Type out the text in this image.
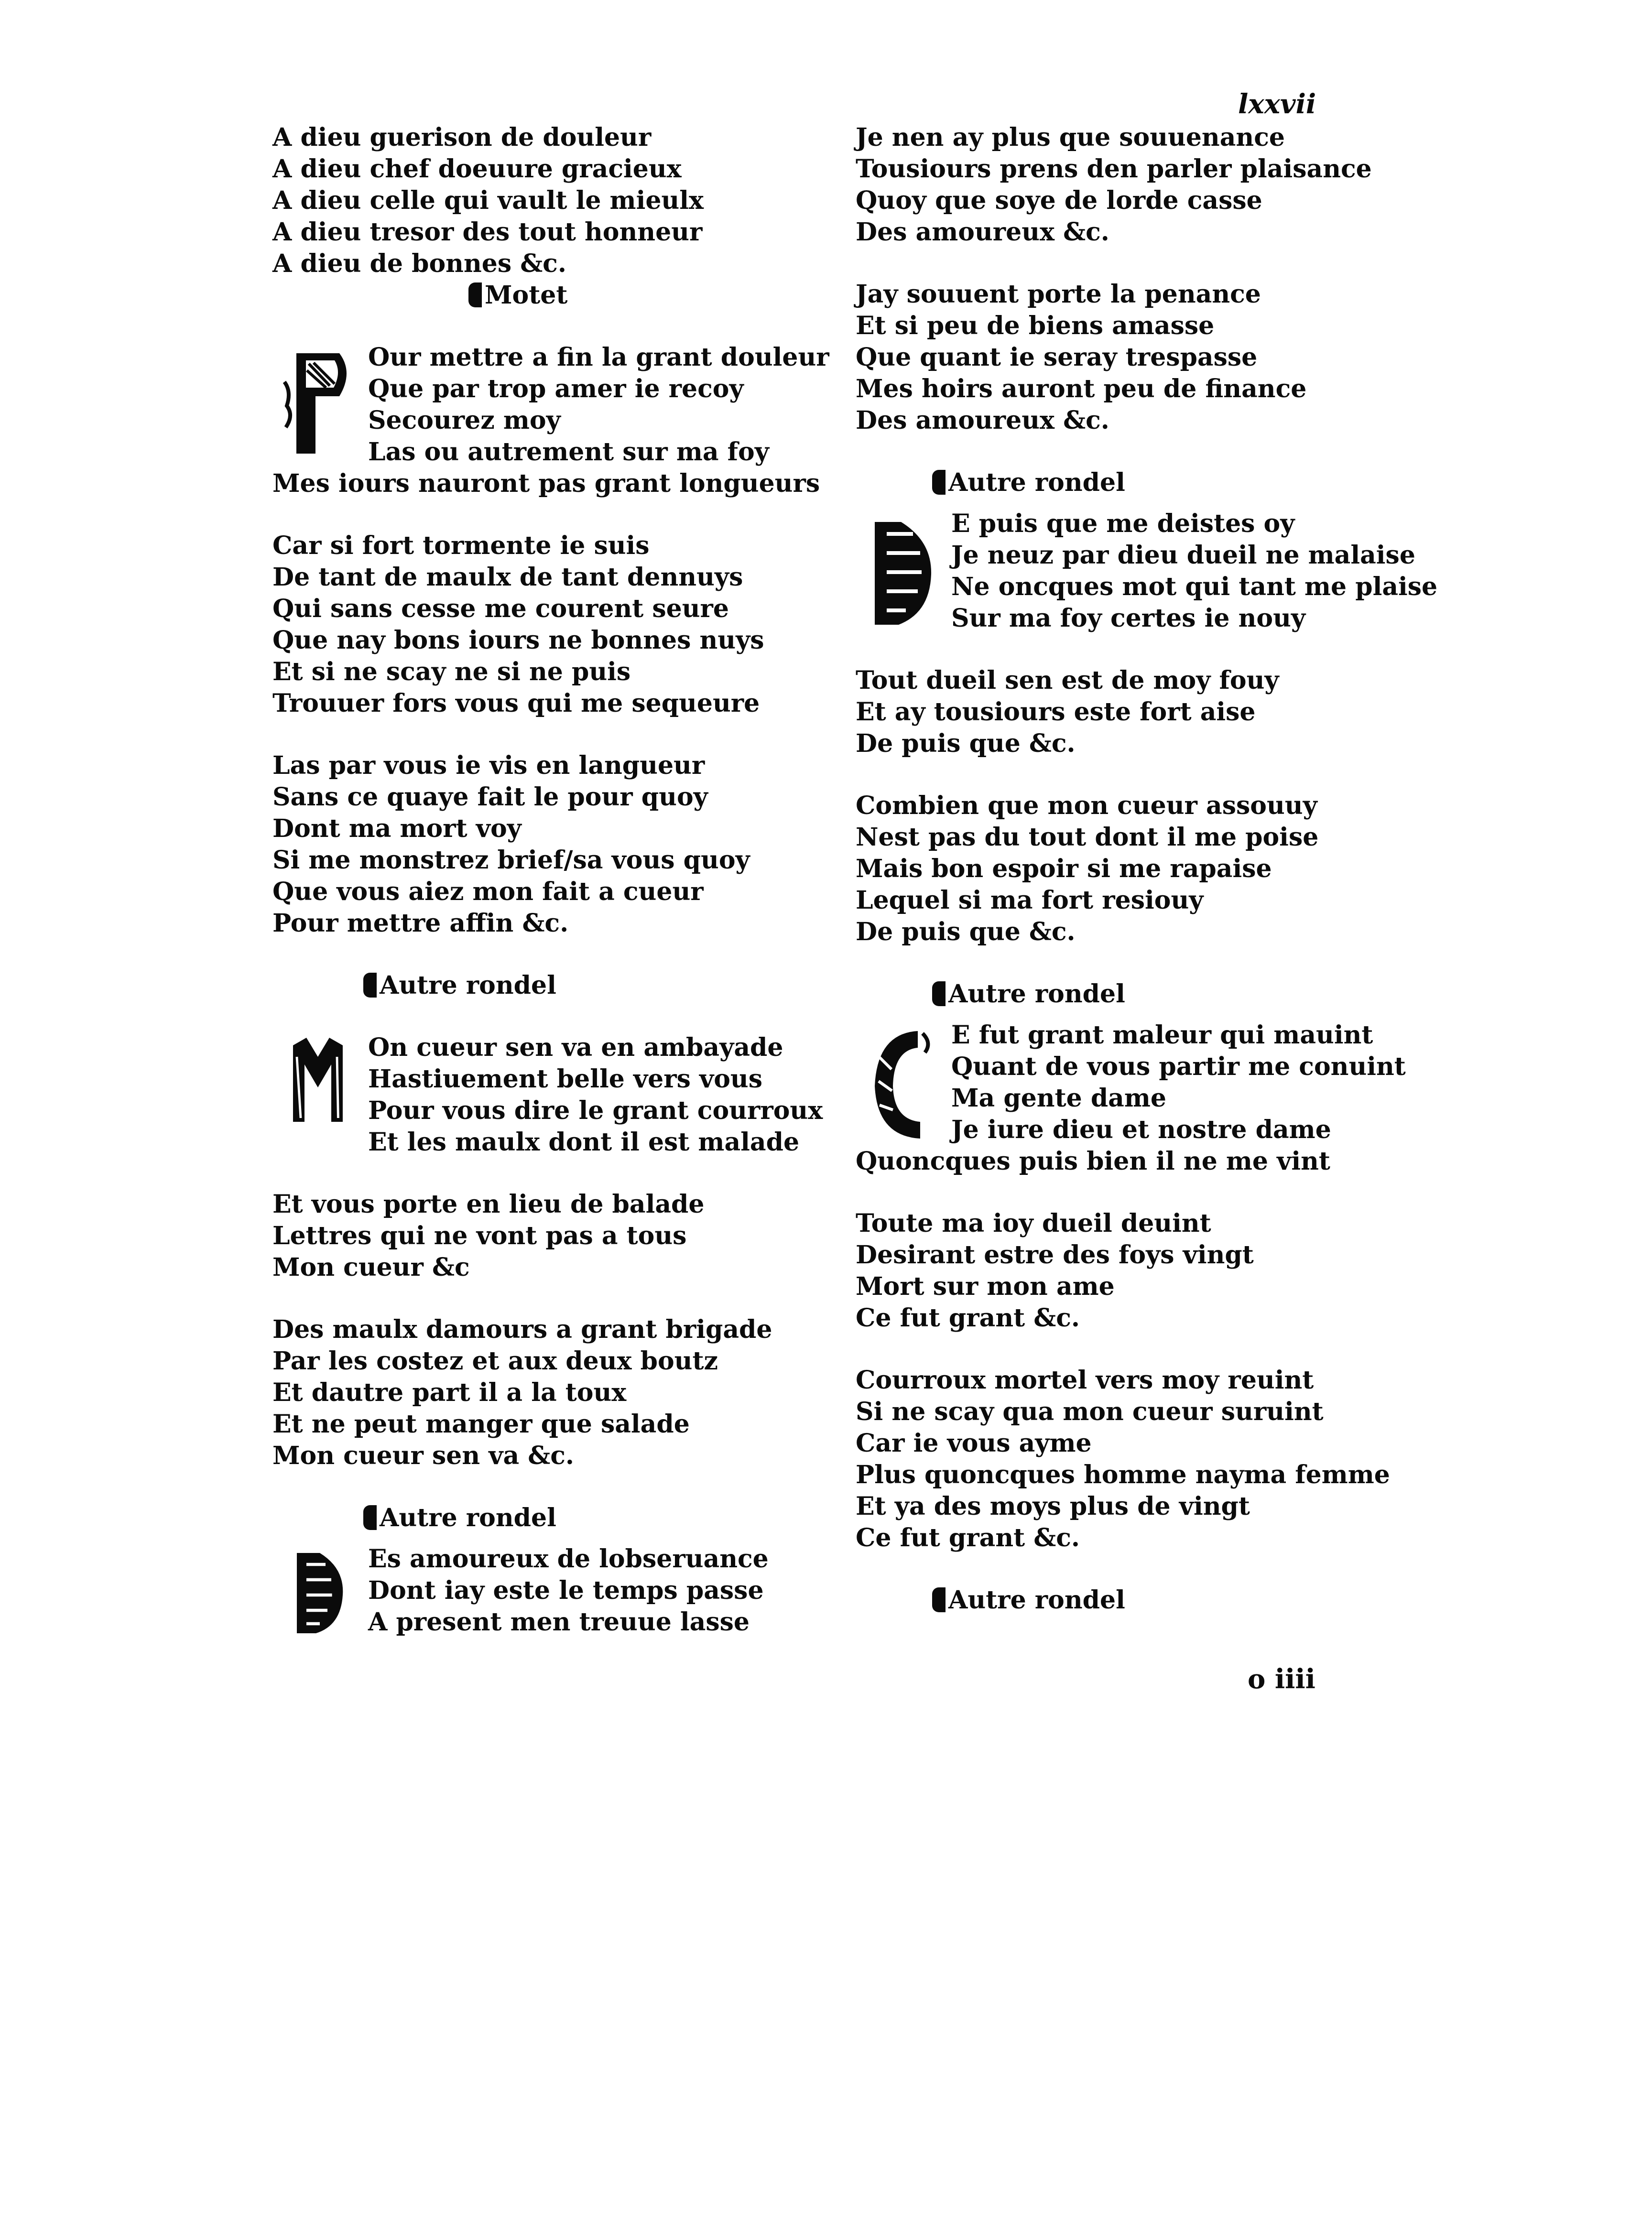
lxxvii
A dieu guerison de douleur
A dieu chef doeuure gracieux
A dieu celle qui vault le mieulx
A dieu tresor des tout honneur
A dieu de bonnes &c.
Motet
Our mettre a fin la grant douleur
Que par trop amer ie recoy
Secourez moy
Las ou autrement sur ma foy
Mes iours nauront pas grant longueurs
Car si fort tormente ie suis
De tant de maulx de tant dennuys
Qui sans cesse me courent seure
Que nay bons iours ne bonnes nuys
Et si ne scay ne si ne puis
Trouuer fors vous qui me sequeure
Las par vous ie vis en langueur
Sans ce quaye fait le pour quoy
Dont ma mort voy
Si me monstrez brief/sa vous quoy
Que vous aiez mon fait a cueur
Pour mettre affin &c.
Autre rondel
On cueur sen va en ambayade
Hastiuement belle vers vous
Pour vous dire le grant courroux
Et les maulx dont il est malade
Et vous porte en lieu de balade
Lettres qui ne vont pas a tous
Mon cueur &c
Des maulx damours a grant brigade
Par les costez et aux deux boutz
Et dautre part il a la toux
Et ne peut manger que salade
Mon cueur sen va &c.
Autre rondel
Es amoureux de lobseruance
Dont iay este le temps passe
A present men treuue lasse
Je nen ay plus que souuenance
Tousiours prens den parler plaisance
Quoy que soye de lorde casse
Des amoureux &c.
Jay souuent porte la penance
Et si peu de biens amasse
Que quant ie seray trespasse
Mes hoirs auront peu de finance
Des amoureux &c.
Autre rondel
E puis que me deistes oy
Je neuz par dieu dueil ne malaise
Ne oncques mot qui tant me plaise
Sur ma foy certes ie nouy
Tout dueil sen est de moy fouy
Et ay tousiours este fort aise
De puis que &c.
Combien que mon cueur assouuy
Nest pas du tout dont il me poise
Mais bon espoir si me rapaise
Lequel si ma fort resiouy
De puis que &c.
Autre rondel
E fut grant maleur qui mauint
Quant de vous partir me conuint
Ma gente dame
Je iure dieu et nostre dame
Quoncques puis bien il ne me vint
Toute ma ioy dueil deuint
Desirant estre des foys vingt
Mort sur mon ame
Ce fut grant &c.
Courroux mortel vers moy reuint
Si ne scay qua mon cueur suruint
Car ie vous ayme
Plus quoncques homme nayma femme
Et ya des moys plus de vingt
Ce fut grant &c.
Autre rondel
o iiii
